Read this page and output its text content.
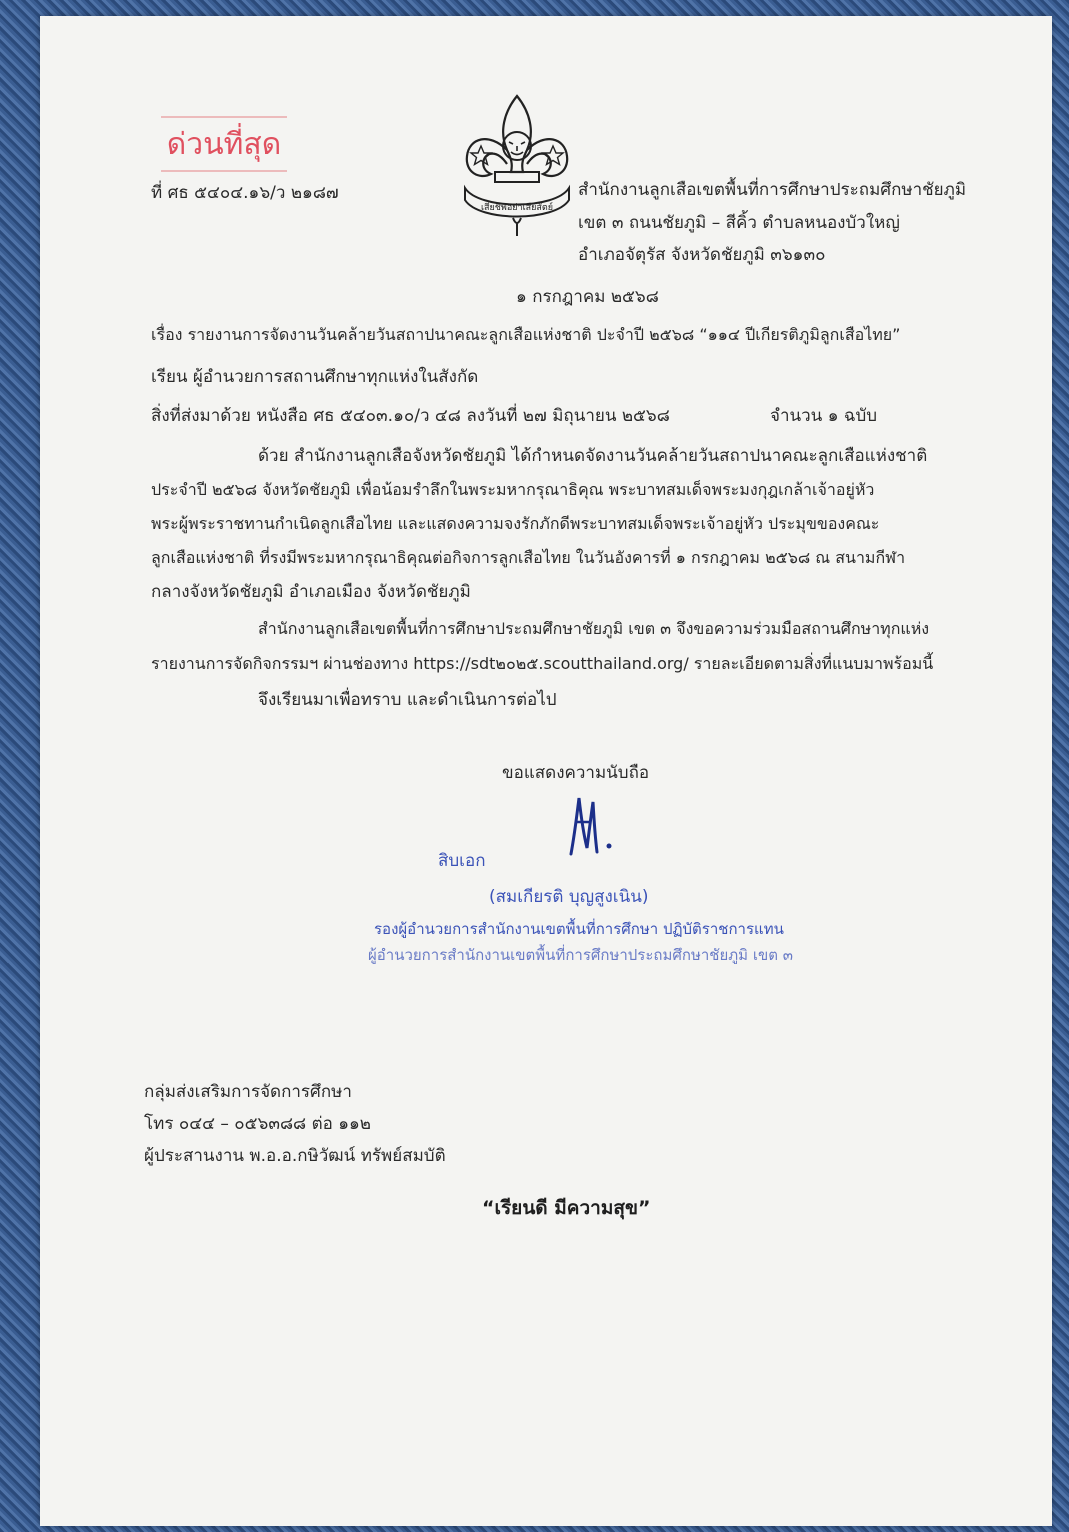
ด่วนที่สุด
ที่ ศธ ๕๔๐๔.๑๖/ว ๒๑๘๗
เสียชีพอย่าเสียสัตย์
สำนักงานลูกเสือเขตพื้นที่การศึกษาประถมศึกษาชัยภูมิ
เขต ๓ ถนนชัยภูมิ – สีคิ้ว ตำบลหนองบัวใหญ่
อำเภอจัตุรัส จังหวัดชัยภูมิ ๓๖๑๓๐
๑ กรกฎาคม ๒๕๖๘
เรื่อง รายงานการจัดงานวันคล้ายวันสถาปนาคณะลูกเสือแห่งชาติ ปะจำปี ๒๕๖๘ “๑๑๔ ปีเกียรติภูมิลูกเสือไทย”
เรียน ผู้อำนวยการสถานศึกษาทุกแห่งในสังกัด
สิ่งที่ส่งมาด้วย หนังสือ ศธ ๕๔๐๓.๑๐/ว ๔๘ ลงวันที่ ๒๗ มิถุนายน ๒๕๖๘	จำนวน ๑ ฉบับ
ด้วย สำนักงานลูกเสือจังหวัดชัยภูมิ ได้กำหนดจัดงานวันคล้ายวันสถาปนาคณะลูกเสือแห่งชาติ
ประจำปี ๒๕๖๘ จังหวัดชัยภูมิ เพื่อน้อมรำลึกในพระมหากรุณาธิคุณ พระบาทสมเด็จพระมงกุฎเกล้าเจ้าอยู่หัว
พระผู้พระราชทานกำเนิดลูกเสือไทย และแสดงความจงรักภักดีพระบาทสมเด็จพระเจ้าอยู่หัว ประมุขของคณะ
ลูกเสือแห่งชาติ ที่รงมีพระมหากรุณาธิคุณต่อกิจการลูกเสือไทย ในวันอังคารที่ ๑ กรกฎาคม ๒๕๖๘ ณ สนามกีฬา
กลางจังหวัดชัยภูมิ อำเภอเมือง จังหวัดชัยภูมิ
สำนักงานลูกเสือเขตพื้นที่การศึกษาประถมศึกษาชัยภูมิ เขต ๓ จึงขอความร่วมมือสถานศึกษาทุกแห่ง
รายงานการจัดกิจกรรมฯ ผ่านช่องทาง https://sdt๒๐๒๕.scoutthailand.org/ รายละเอียดตามสิ่งที่แนบมาพร้อมนี้
จึงเรียนมาเพื่อทราบ และดำเนินการต่อไป
ขอแสดงความนับถือ
สิบเอก
(สมเกียรติ บุญสูงเนิน)
รองผู้อำนวยการสำนักงานเขตพื้นที่การศึกษา ปฏิบัติราชการแทน
ผู้อำนวยการสำนักงานเขตพื้นที่การศึกษาประถมศึกษาชัยภูมิ เขต ๓
กลุ่มส่งเสริมการจัดการศึกษา
โทร ๐๔๔ – ๐๕๖๓๘๘ ต่อ ๑๑๒
ผู้ประสานงาน พ.อ.อ.กษิวัฒน์ ทรัพย์สมบัติ
“เรียนดี มีความสุข”
